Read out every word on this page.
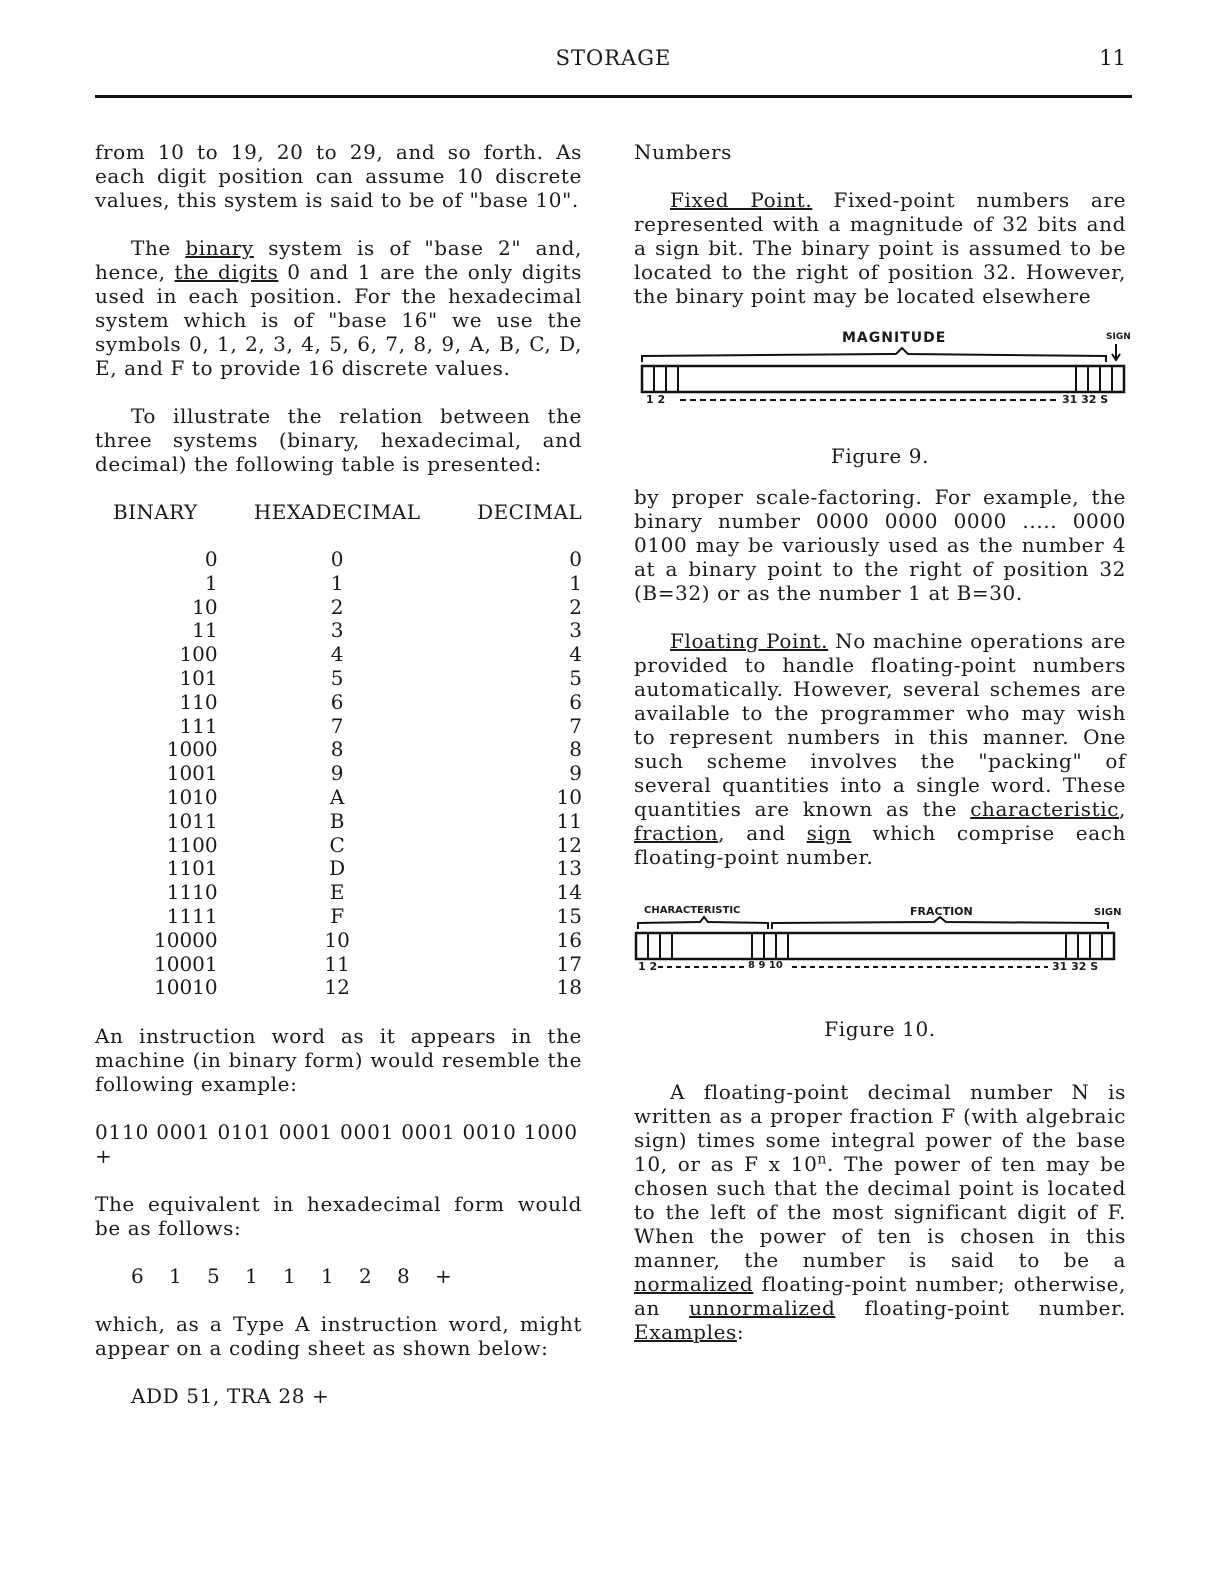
STORAGE	11

from 10 to 19, 20 to 29, and so forth. As each digit position can assume 10 discrete values, this system is said to be of "base 10".

The binary system is of "base 2" and, hence, the digits 0 and 1 are the only digits used in each position. For the hexadecimal system which is of "base 16" we use the symbols 0, 1, 2, 3, 4, 5, 6, 7, 8, 9, A, B, C, D, E, and F to provide 16 discrete values.

To illustrate the relation between the three systems (binary, hexadecimal, and decimal) the following table is presented:

BINARY	HEXADECIMAL	DECIMAL

0	0	0
1	1	1
10	2	2
11	3	3
100	4	4
101	5	5
110	6	6
111	7	7
1000	8	8
1001	9	9
1010	A	10
1011	B	11
1100	C	12
1101	D	13
1110	E	14
1111	F	15
10000	10	16
10001	11	17
10010	12	18

An instruction word as it appears in the machine (in binary form) would resemble the following example:

0110 0001 0101 0001 0001 0001 0010 1000 +

The equivalent in hexadecimal form would be as follows:

6	1	5	1	1	1	2	8	+

which, as a Type A instruction word, might appear on a coding sheet as shown below:

ADD 51, TRA 28 +

Numbers

Fixed Point. Fixed-point numbers are represented with a magnitude of 32 bits and a sign bit. The binary point is assumed to be located to the right of position 32. However, the binary point may be located elsewhere

MAGNITUDE	SIGN
1 2	31 32 S
Figure 9.

by proper scale-factoring. For example, the binary number 0000 0000 0000 ..... 0000 0100 may be variously used as the number 4 at a binary point to the right of position 32 (B=32) or as the number 1 at B=30.

Floating Point. No machine operations are provided to handle floating-point numbers automatically. However, several schemes are available to the programmer who may wish to represent numbers in this manner. One such scheme involves the "packing" of several quantities into a single word. These quantities are known as the characteristic, fraction, and sign which comprise each floating-point number.

CHARACTERISTIC	FRACTION	SIGN
1 2	8 9 10	31 32 S
Figure 10.

A floating-point decimal number N is written as a proper fraction F (with algebraic sign) times some integral power of the base 10, or as F x 10$^n$. The power of ten may be chosen such that the decimal point is located to the left of the most significant digit of F. When the power of ten is chosen in this manner, the number is said to be a normalized floating-point number; otherwise, an unnormalized floating-point number. Examples:
